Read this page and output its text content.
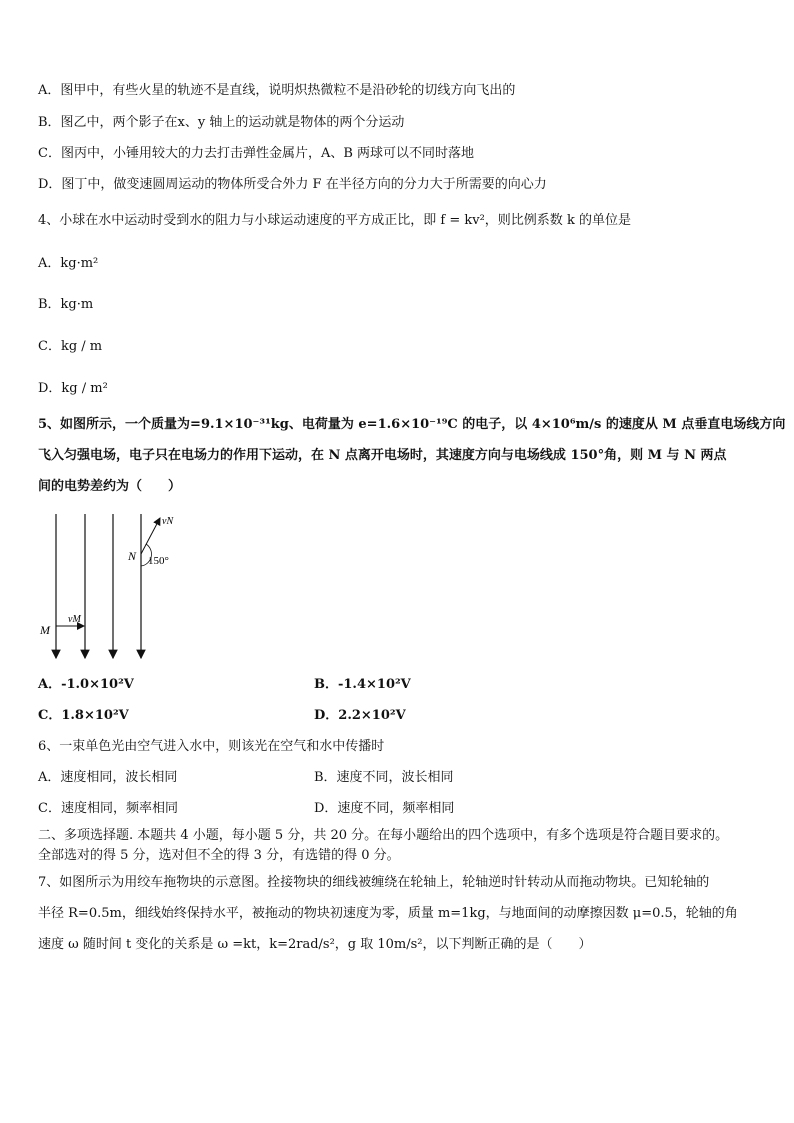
A．图甲中，有些火星的轨迹不是直线，说明炽热微粒不是沿砂轮的切线方向飞出的
B．图乙中，两个影子在x、y 轴上的运动就是物体的两个分运动
C．图丙中，小锤用较大的力去打击弹性金属片，A、B 两球可以不同时落地
D．图丁中，做变速圆周运动的物体所受合外力 F 在半径方向的分力大于所需要的向心力
4、小球在水中运动时受到水的阻力与小球运动速度的平方成正比，即 f = kv²，则比例系数 k 的单位是
A．kg·m²
B．kg·m
C．kg / m
D．kg / m²
5、如图所示，一个质量为=9.1×10⁻³¹kg、电荷量为 e=1.6×10⁻¹⁹C 的电子，以 4×10⁶m/s 的速度从 M 点垂直电场线方向
飞入匀强电场，电子只在电场力的作用下运动，在 N 点离开电场时，其速度方向与电场线成 150°角，则 M 与 N 两点
间的电势差约为（　　）
M
vM
N
vN
150°
A．-1.0×10²V	B．-1.4×10²V
C．1.8×10²V	D．2.2×10²V
6、一束单色光由空气进入水中，则该光在空气和水中传播时
A．速度相同，波长相同	B．速度不同，波长相同
C．速度相同，频率相同	D．速度不同，频率相同
二、多项选择题. 本题共 4 小题，每小题 5 分，共 20 分。在每小题给出的四个选项中，有多个选项是符合题目要求的。
全部选对的得 5 分，选对但不全的得 3 分，有选错的得 0 分。
7、如图所示为用绞车拖物块的示意图。拴接物块的细线被缠绕在轮轴上，轮轴逆时针转动从而拖动物块。已知轮轴的
半径 R=0.5m，细线始终保持水平，被拖动的物块初速度为零，质量 m=1kg，与地面间的动摩擦因数 μ=0.5，轮轴的角
速度 ω 随时间 t 变化的关系是 ω =kt，k=2rad/s²，g 取 10m/s²，以下判断正确的是（　　）
